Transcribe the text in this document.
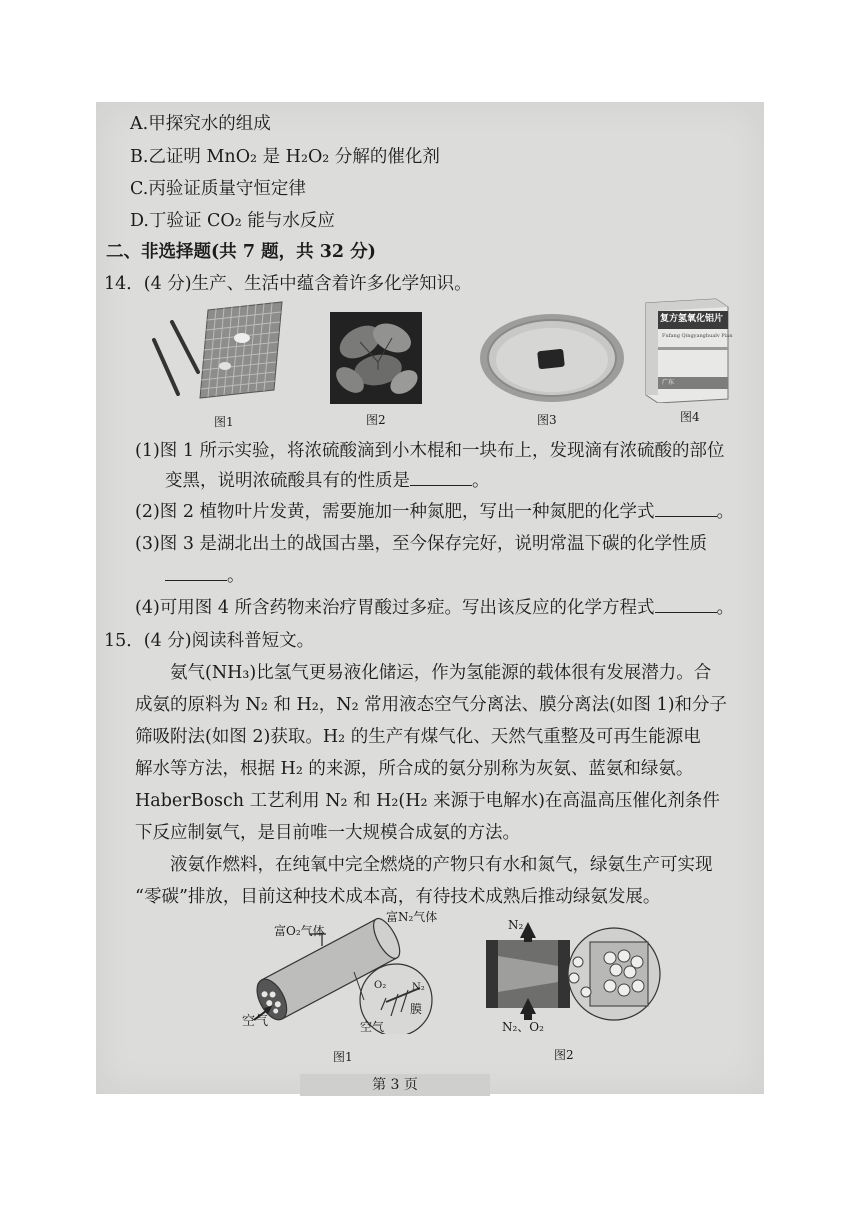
A.甲探究水的组成
B.乙证明 MnO₂ 是 H₂O₂ 分解的催化剂
C.丙验证质量守恒定律
D.丁验证 CO₂ 能与水反应
二、非选择题(共 7 题，共 32 分)
14．(4 分)生产、生活中蕴含着许多化学知识。
图1	图2	图3
复方氢氧化铝片
Fufang Qingyanghualv Pian
广东
图4
(1)图 1 所示实验，将浓硫酸滴到小木棍和一块布上，发现滴有浓硫酸的部位
变黑，说明浓硫酸具有的性质是	。
(2)图 2 植物叶片发黄，需要施加一种氮肥，写出一种氮肥的化学式	。
(3)图 3 是湖北出土的战国古墨，至今保存完好，说明常温下碳的化学性质
。
(4)可用图 4 所含药物来治疗胃酸过多症。写出该反应的化学方程式	。
15．(4 分)阅读科普短文。
氨气(NH₃)比氢气更易液化储运，作为氢能源的载体很有发展潜力。合
成氨的原料为 N₂ 和 H₂，N₂ 常用液态空气分离法、膜分离法(如图 1)和分子
筛吸附法(如图 2)获取。H₂ 的生产有煤气化、天然气重整及可再生能源电
解水等方法，根据 H₂ 的来源，所合成的氨分别称为灰氨、蓝氨和绿氨。
HaberBosch 工艺利用 N₂ 和 H₂(H₂ 来源于电解水)在高温高压催化剂条件
下反应制氨气，是目前唯一大规模合成氨的方法。
液氨作燃料，在纯氧中完全燃烧的产物只有水和氮气，绿氨生产可实现
“零碳”排放，目前这种技术成本高，有待技术成熟后推动绿氨发展。
富O₂气体
富N₂气体
空气
O₂	N₂
膜
空气
图1
N₂
N₂、O₂
图2
第 3 页
